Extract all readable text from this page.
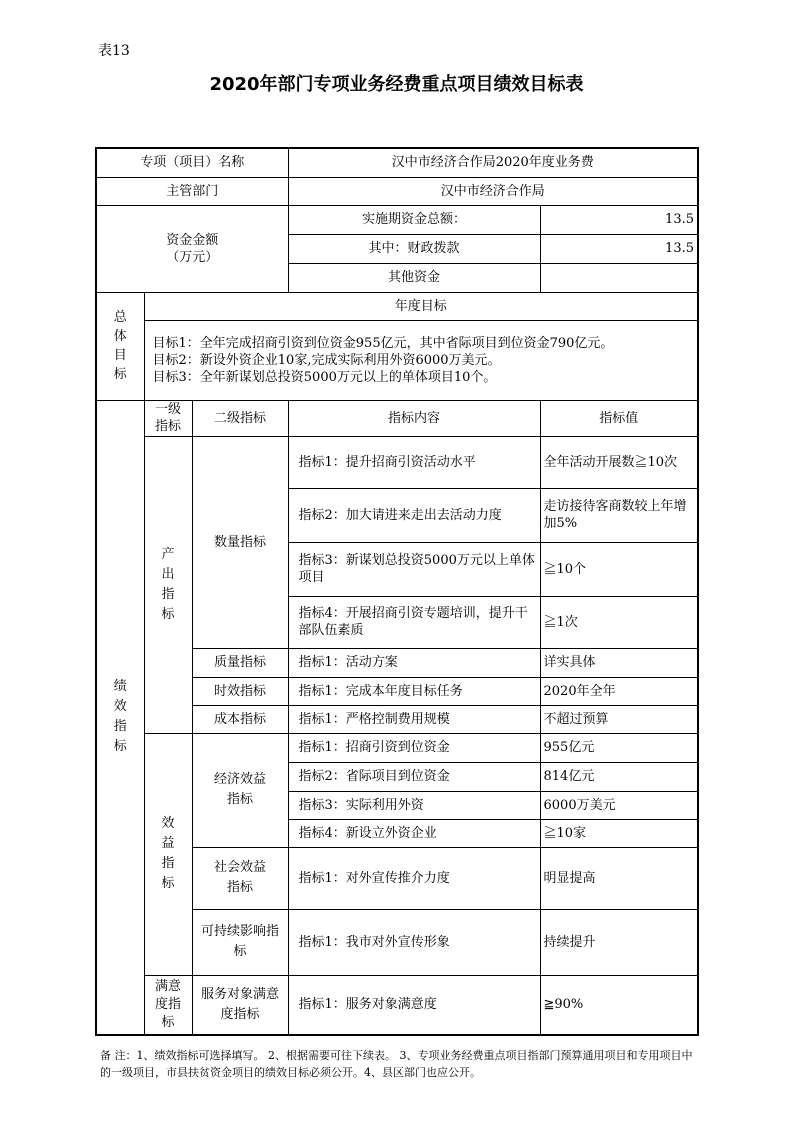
表13
2020年部门专项业务经费重点项目绩效目标表
专项（项目）名称			汉中市经济合作局2020年度业务费	
主管部门			汉中市经济合作局	

资金金额
（万元）			实施期资金总额：	13.5
			其中：财政拨款	13.5
			其他资金	
总体目标	年度目标			

	目标1：全年完成招商引资到位资金955亿元，其中省际项目到位资金790亿元。
目标2：新设外资企业10家,完成实际利用外资6000万美元。
目标3：全年新谋划总投资5000万元以上的单体项目10个。			

绩效指标	一级指标	二级指标	指标内容	指标值
	产出指标	数量指标	指标1：提升招商引资活动水平	全年活动开展数≧10次
			指标2：加大请进来走出去活动力度	走访接待客商数较上年增加5%
			指标3：新谋划总投资5000万元以上单体项目	≧10个
			指标4：开展招商引资专题培训，提升干部队伍素质	≧1次
		质量指标	指标1：活动方案	详实具体
		时效指标	指标1：完成本年度目标任务	2020年全年
		成本指标	指标1：严格控制费用规模	不超过预算
	效益指标	经济效益指标	指标1：招商引资到位资金	955亿元
			指标2：省际项目到位资金	814亿元
			指标3：实际利用外资	6000万美元
			指标4：新设立外资企业	≧10家
		社会效益指标	指标1：对外宣传推介力度	明显提高
		可持续影响指标	指标1：我市对外宣传形象	持续提升
	满意度指标	服务对象满意度指标	指标1：服务对象满意度	≧90%
备 注：1、绩效指标可选择填写。 2、根据需要可往下续表。 3、专项业务经费重点项目指部门预算通用项目和专用项目中的一级项目，市县扶贫资金项目的绩效目标必须公开。4、县区部门也应公开。
